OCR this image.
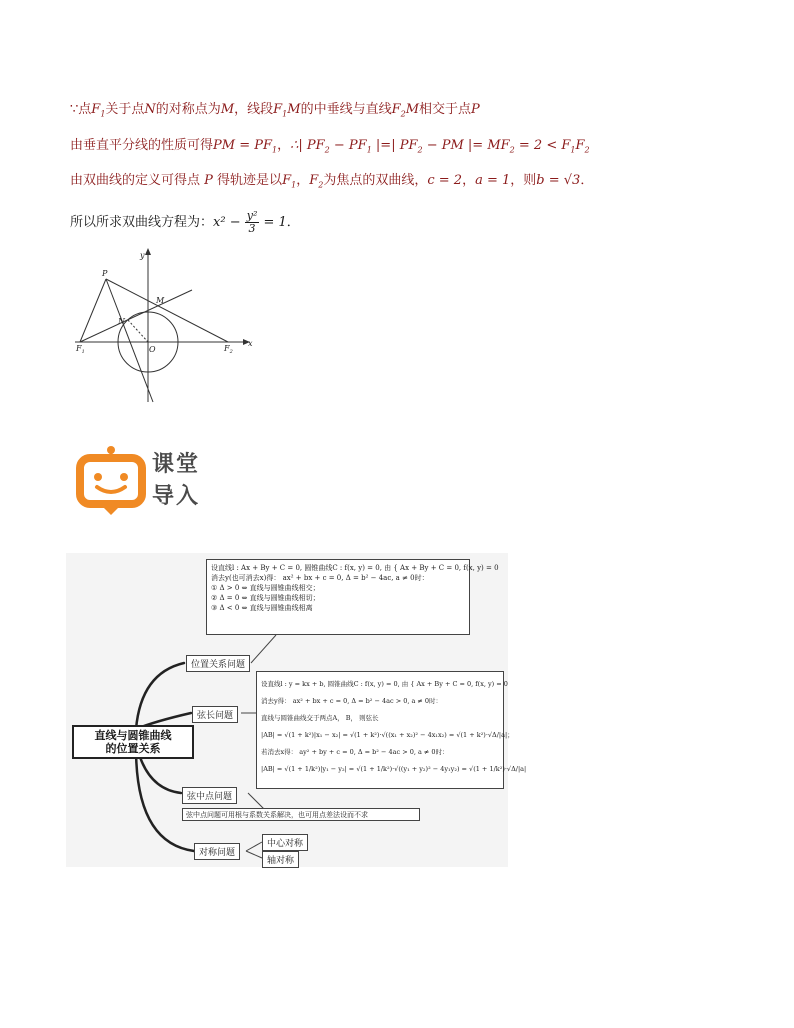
∵点$F_1$关于点N的对称点为M，线段$F_1M$的中垂线与直线$F_2M$相交于点P
由垂直平分线的性质可得PM = $PF_1$，∴| $PF_2 - PF_1$ |=| $PF_2$ − PM |= $MF_2 = 2 < F_1F_2$
由双曲线的定义可得点 P 得轨迹是以$F_1$，$F_2$为焦点的双曲线，c = 2，a = 1，则b = √3．
所以所求双曲线方程为：$x^2 - \frac{\text{y²}}{3} = 1$．
y
x
P
M
N
O
$F_1$	$F_2$
课堂
导入
设直线l : Ax + By + C = 0, 圆锥曲线C : f(x, y) = 0, 由 { Ax + By + C = 0, f(x, y) = 0
消去y(也可消去x)得： ax² + bx + c = 0, Δ = b² − 4ac, a ≠ 0时：
① Δ > 0 ⇔ 直线与圆锥曲线相交；
② Δ = 0 ⇔ 直线与圆锥曲线相切；
③ Δ < 0 ⇔ 直线与圆锥曲线相离
设直线l : y = kx + b, 圆锥曲线C : f(x, y) = 0, 由 { Ax + By + C = 0, f(x, y) = 0
消去y得： ax² + bx + c = 0, Δ = b² − 4ac > 0, a ≠ 0时：
直线与圆锥曲线交于两点A， B， 则弦长
|AB| = √(1 + k²)|x₁ − x₂| = √(1 + k²)·√((x₁ + x₂)² − 4x₁x₂) = √(1 + k²)·√Δ/|a|；
若消去x得： ay² + by + c = 0, Δ = b² − 4ac > 0, a ≠ 0时：
|AB| = √(1 + 1/k²)|y₁ − y₂| = √(1 + 1/k²)·√((y₁ + y₂)² − 4y₁y₂) = √(1 + 1/k²)·√Δ/|a|
位置关系问题
弦长问题
直线与圆锥曲线
的位置关系
弦中点问题
弦中点问题可用根与系数关系解决，也可用点差法设而不求
对称问题
中心对称
轴对称
